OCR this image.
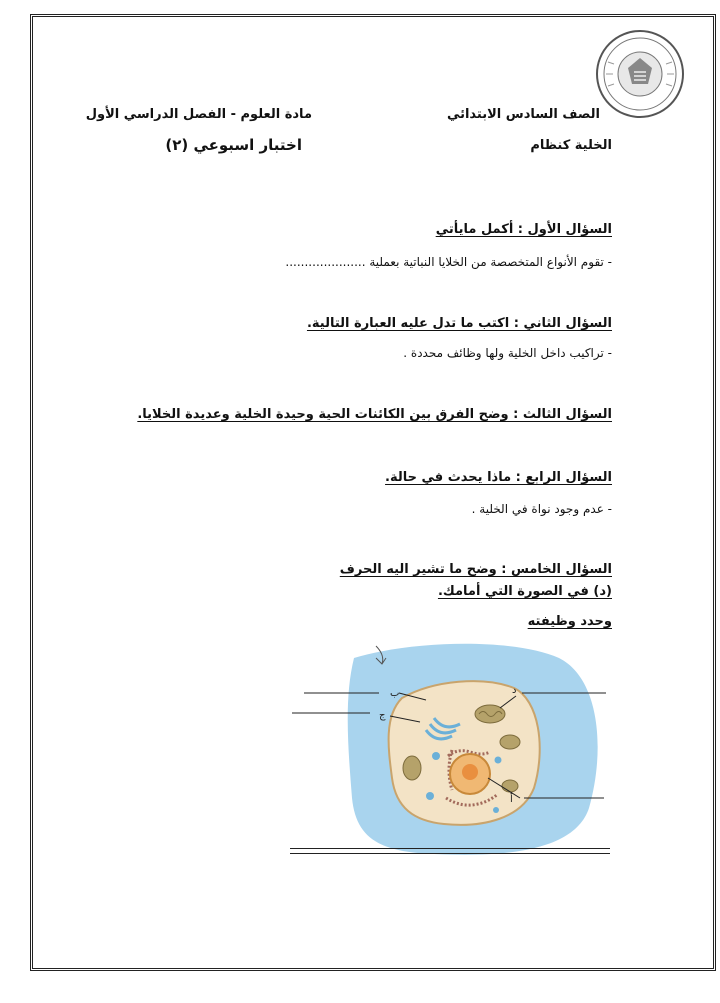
الصف السادس الابتدائي
مادة العلوم - الفصل الدراسي الأول
الخلية كنظام
اختبار اسبوعي (٢)
السؤال الأول : أكمل مايأتي
- تقوم الأنواع المتخصصة من الخلايا النباتية بعملية .....................
السؤال الثاني : اكتب ما تدل عليه العبارة التالية.
- تراكيب داخل الخلية ولها وظائف محددة .
السؤال الثالث : وضح الفرق بين الكائنات الحية وحيدة الخلية وعديدة الخلايا.
السؤال الرابع : ماذا يحدث في حالة.
- عدم وجود نواة في الخلية .
السؤال الخامس : وضح ما تشير اليه الحرف
(د) في الصورة التي أمامك.
وحدد وظيفته
ب
ج
د
أ
